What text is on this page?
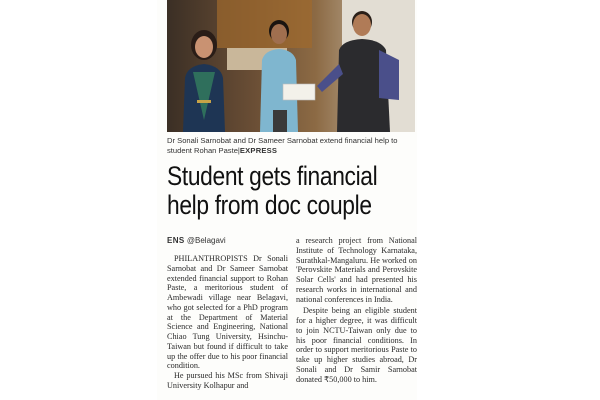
Dr Sonali Sarnobat and Dr Sameer Sarnobat extend financial help to student Rohan Paste|EXPRESS
Student gets financial
help from doc couple
ENS @Belagavi

PHILANTHROPISTS Dr Sonali Sarnobat and Dr Sameer Sarnobat extended financial support to Rohan Paste, a meritorious student of Ambewadi village near Belagavi, who got selected for a PhD program at the Department of Material Science and Engineering, National Chiao Tung University, Hsinchu-Taiwan but found if difficult to take up the offer due to his poor financial condition.

He pursued his MSc from Shivaji University Kolhapur and

a research project from National Institute of Technology Karnataka, Surathkal-Mangaluru. He worked on 'Perovskite Materials and Perovskite Solar Cells' and had presented his research works in international and national conferences in India.

Despite being an eligible student for a higher degree, it was difficult to join NCTU-Taiwan only due to his poor financial conditions. In order to support meritorious Paste to take up higher studies abroad, Dr Sonali and Dr Samir Sarnobat donated ₹50,000 to him.
